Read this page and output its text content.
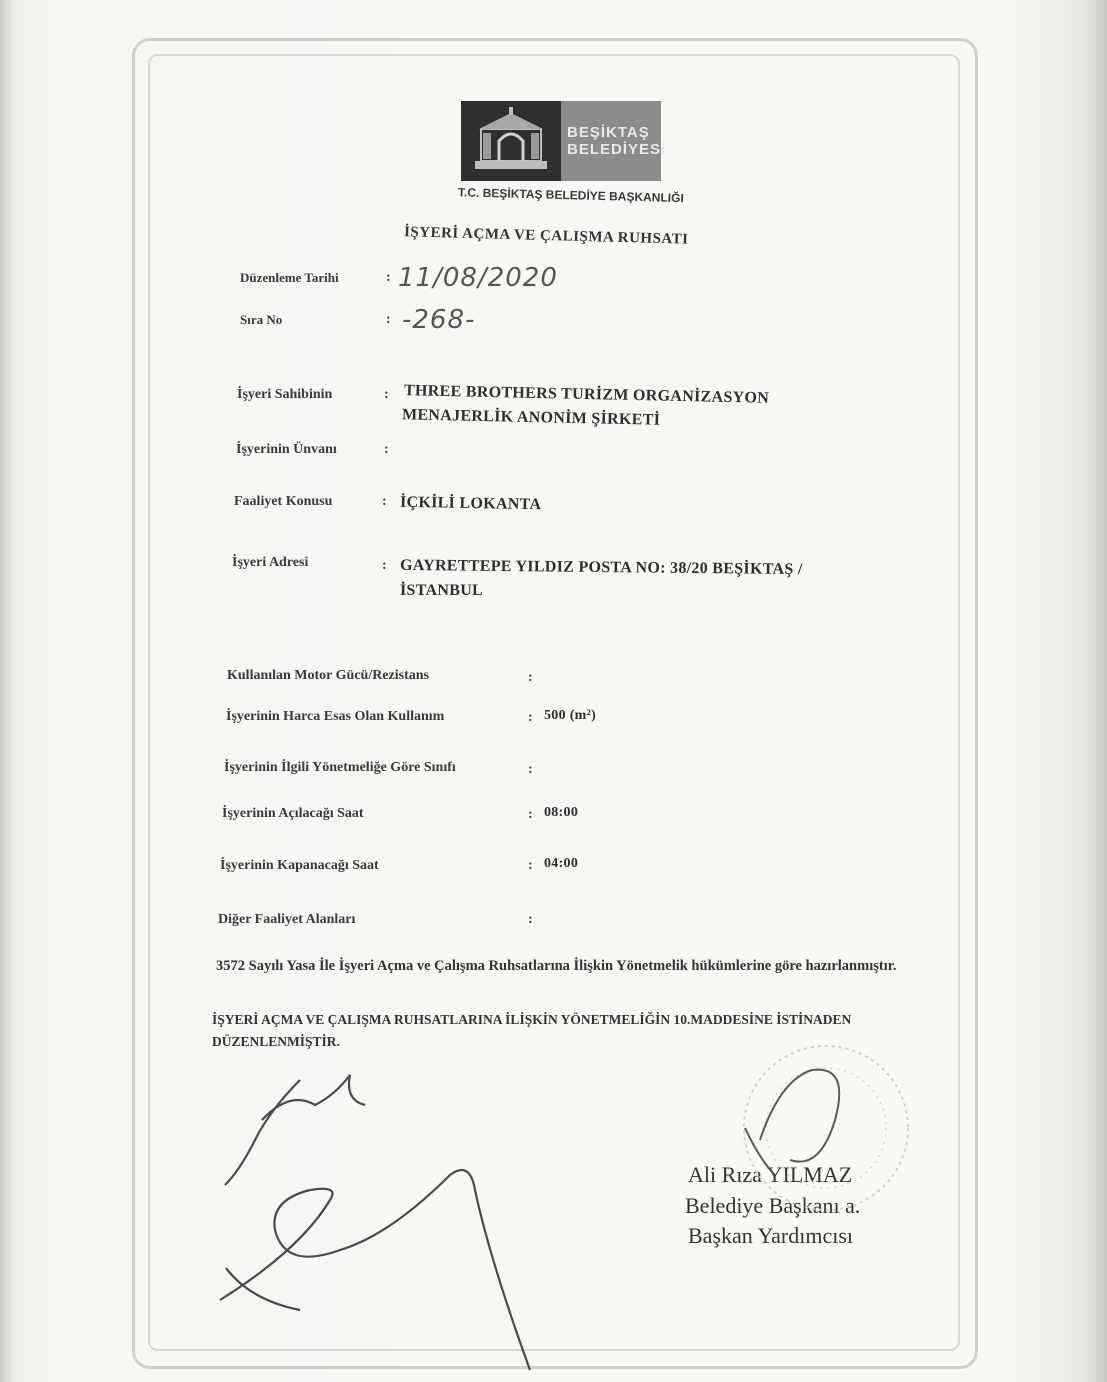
BEŞİKTAŞ
BELEDİYESİ
T.C. BEŞİKTAŞ BELEDİYE BAŞKANLIĞI
İŞYERİ AÇMA VE ÇALIŞMA RUHSATI
Düzenleme Tarihi	: 11/08/2020
Sıra No	: -268-
İşyeri Sahibinin	: THREE BROTHERS TURİZM ORGANİZASYON
MENAJERLİK ANONİM ŞİRKETİ
İşyerinin Ünvanı	:
Faaliyet Konusu	: İÇKİLİ LOKANTA
İşyeri Adresi	: GAYRETTEPE YILDIZ POSTA NO: 38/20 BEŞİKTAŞ /
İSTANBUL
Kullanılan Motor Gücü/Rezistans	:
İşyerinin Harca Esas Olan Kullanım	: 500 (m²)
İşyerinin İlgili Yönetmeliğe Göre Sınıfı	:
İşyerinin Açılacağı Saat	: 08:00
İşyerinin Kapanacağı Saat	: 04:00
Diğer Faaliyet Alanları	:
3572 Sayılı Yasa İle İşyeri Açma ve Çalışma Ruhsatlarına İlişkin Yönetmelik hükümlerine göre hazırlanmıştır.
İŞYERİ AÇMA VE ÇALIŞMA RUHSATLARINA İLİŞKİN YÖNETMELİĞİN 10.MADDESİNE İSTİNADEN DÜZENLENMİŞTİR.
Ali Rıza YILMAZ
Belediye Başkanı a.
Başkan Yardımcısı
